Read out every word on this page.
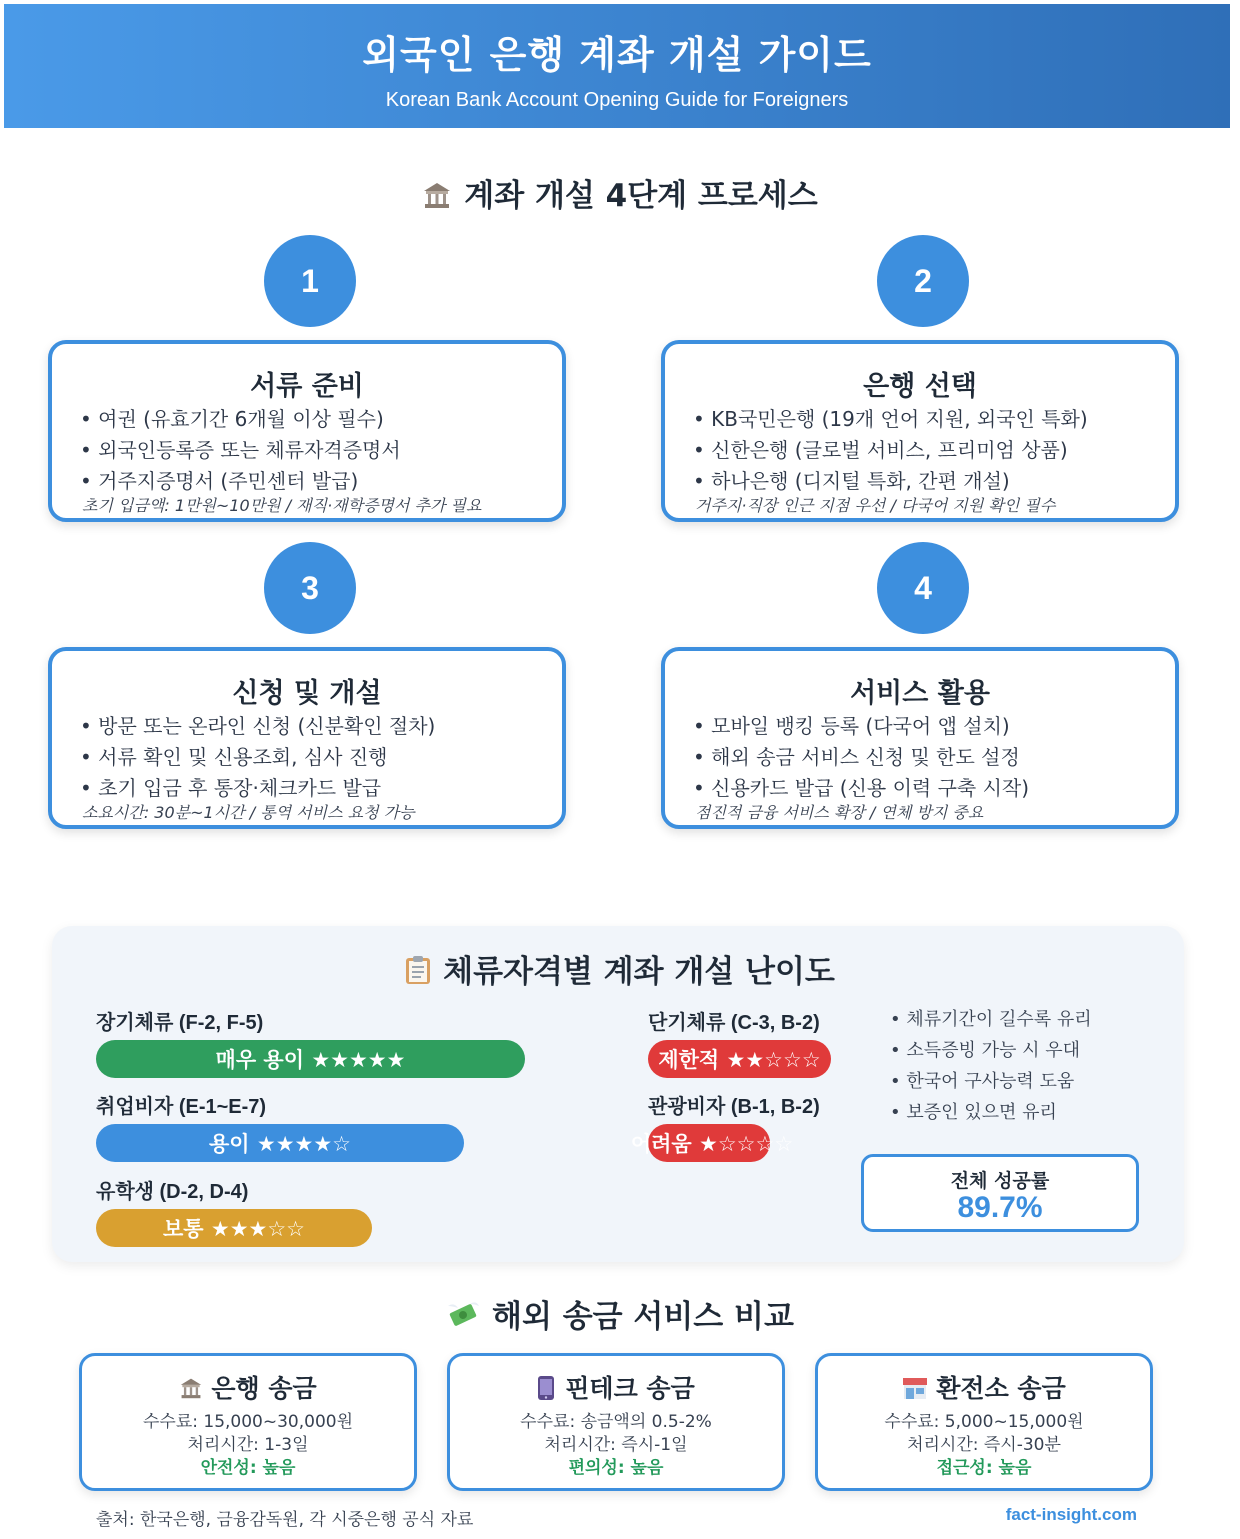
외국인 은행 계좌 개설 가이드
Korean Bank Account Opening Guide for Foreigners
계좌 개설 4단계 프로세스
1
서류 준비
• 여권 (유효기간 6개월 이상 필수)
• 외국인등록증 또는 체류자격증명서
• 거주지증명서 (주민센터 발급)
초기 입금액: 1만원~10만원 / 재직·재학증명서 추가 필요
2
은행 선택
• KB국민은행 (19개 언어 지원, 외국인 특화)
• 신한은행 (글로벌 서비스, 프리미엄 상품)
• 하나은행 (디지털 특화, 간편 개설)
거주지·직장 인근 지점 우선 / 다국어 지원 확인 필수
3
신청 및 개설
• 방문 또는 온라인 신청 (신분확인 절차)
• 서류 확인 및 신용조회, 심사 진행
• 초기 입금 후 통장·체크카드 발급
소요시간: 30분~1시간 / 통역 서비스 요청 가능
4
서비스 활용
• 모바일 뱅킹 등록 (다국어 앱 설치)
• 해외 송금 서비스 신청 및 한도 설정
• 신용카드 발급 (신용 이력 구축 시작)
점진적 금융 서비스 확장 / 연체 방지 중요
체류자격별 계좌 개설 난이도
장기체류 (F-2, F-5)
매우 용이 ★★★★★
취업비자 (E-1~E-7)
용이 ★★★★☆
유학생 (D-2, D-4)
보통 ★★★☆☆
단기체류 (C-3, B-2)
제한적 ★★☆☆☆
관광비자 (B-1, B-2)
어려움 ★☆☆☆☆
• 체류기간이 길수록 유리
• 소득증빙 가능 시 우대
• 한국어 구사능력 도움
• 보증인 있으면 유리
전체 성공률
89.7%
해외 송금 서비스 비교
은행 송금
수수료: 15,000~30,000원
처리시간: 1-3일
안전성: 높음
핀테크 송금
수수료: 송금액의 0.5-2%
처리시간: 즉시-1일
편의성: 높음
환전소 송금
수수료: 5,000~15,000원
처리시간: 즉시-30분
접근성: 높음
출처: 한국은행, 금융감독원, 각 시중은행 공식 자료	fact-insight.com
